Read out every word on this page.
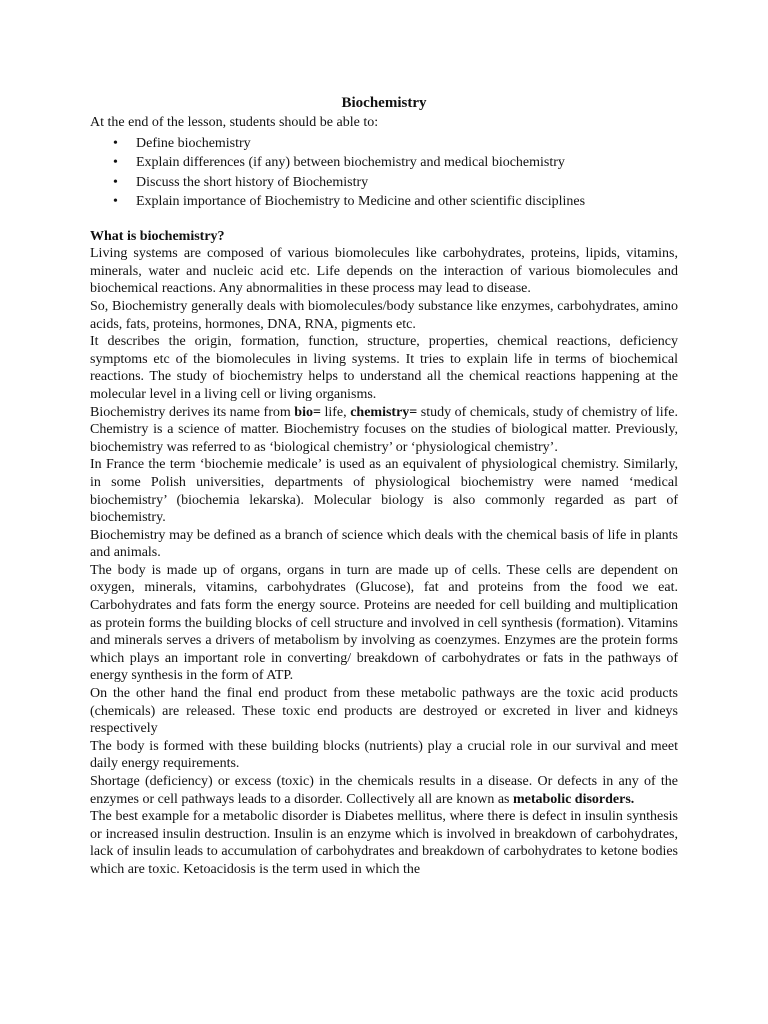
Biochemistry

At the end of the lesson, students should be able to:

• Define biochemistry
• Explain differences (if any) between biochemistry and medical biochemistry
• Discuss the short history of Biochemistry
• Explain importance of Biochemistry to Medicine and other scientific disciplines
What is biochemistry?

Living systems are composed of various biomolecules like carbohydrates, proteins, lipids, vitamins, minerals, water and nucleic acid etc. Life depends on the interaction of various biomolecules and biochemical reactions. Any abnormalities in these process may lead to disease.

So, Biochemistry generally deals with biomolecules/body substance like enzymes, carbohydrates, amino acids, fats, proteins, hormones, DNA, RNA, pigments etc.

It describes the origin, formation, function, structure, properties, chemical reactions, deficiency symptoms etc of the biomolecules in living systems. It tries to explain life in terms of biochemical reactions. The study of biochemistry helps to understand all the chemical reactions happening at the molecular level in a living cell or living organisms.

Biochemistry derives its name from bio= life, chemistry= study of chemicals, study of chemistry of life. Chemistry is a science of matter. Biochemistry focuses on the studies of biological matter. Previously, biochemistry was referred to as ‘biological chemistry’ or ‘physiological chemistry’.

In France the term ‘biochemie medicale’ is used as an equivalent of physiological chemistry. Similarly, in some Polish universities, departments of physiological biochemistry were named ‘medical biochemistry’ (biochemia lekarska). Molecular biology is also commonly regarded as part of biochemistry.

Biochemistry may be defined as a branch of science which deals with the chemical basis of life in plants and animals.

The body is made up of organs, organs in turn are made up of cells. These cells are dependent on oxygen, minerals, vitamins, carbohydrates (Glucose), fat and proteins from the food we eat. Carbohydrates and fats form the energy source. Proteins are needed for cell building and multiplication as protein forms the building blocks of cell structure and involved in cell synthesis (formation). Vitamins and minerals serves a drivers of metabolism by involving as coenzymes. Enzymes are the protein forms which plays an important role in converting/ breakdown of carbohydrates or fats in the pathways of energy synthesis in the form of ATP.

On the other hand the final end product from these metabolic pathways are the toxic acid products (chemicals) are released. These toxic end products are destroyed or excreted in liver and kidneys respectively

The body is formed with these building blocks (nutrients) play a crucial role in our survival and meet daily energy requirements.

Shortage (deficiency) or excess (toxic) in the chemicals results in a disease. Or defects in any of the enzymes or cell pathways leads to a disorder. Collectively all are known as metabolic disorders.

The best example for a metabolic disorder is Diabetes mellitus, where there is defect in insulin synthesis or increased insulin destruction. Insulin is an enzyme which is involved in breakdown of carbohydrates, lack of insulin leads to accumulation of carbohydrates and breakdown of carbohydrates to ketone bodies which are toxic. Ketoacidosis is the term used in which the
